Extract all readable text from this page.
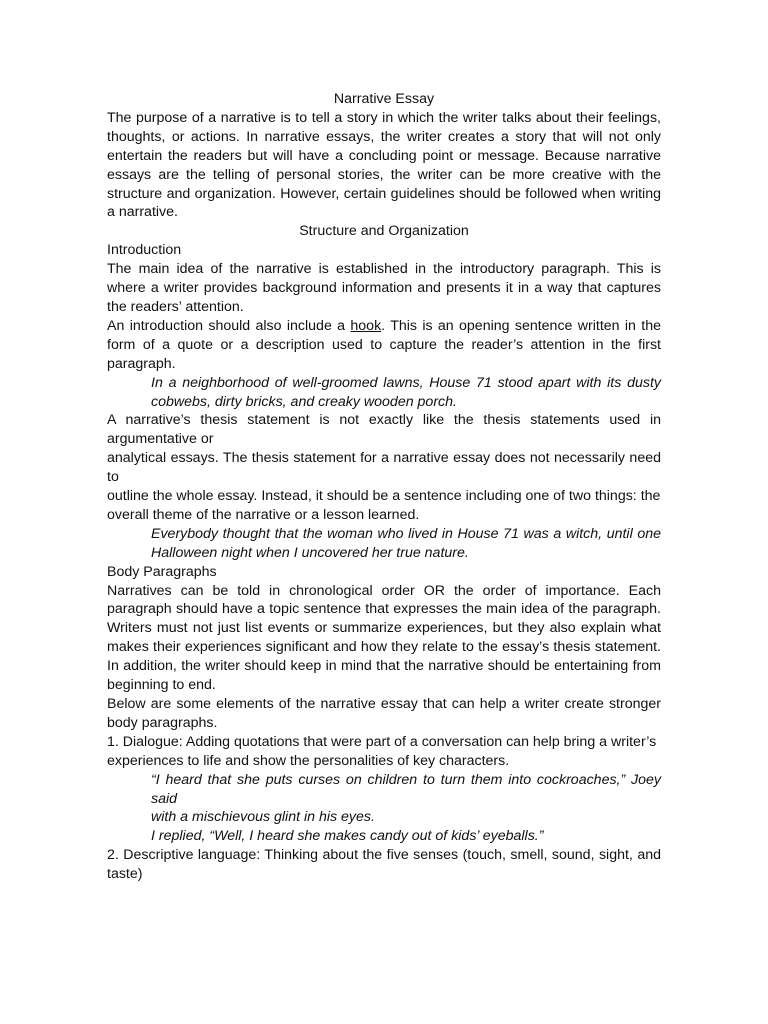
Narrative Essay

The purpose of a narrative is to tell a story in which the writer talks about their feelings, thoughts, or actions. In narrative essays, the writer creates a story that will not only entertain the readers but will have a concluding point or message. Because narrative essays are the telling of personal stories, the writer can be more creative with the structure and organization. However, certain guidelines should be followed when writing a narrative.

Structure and Organization

Introduction

The main idea of the narrative is established in the introductory paragraph. This is where a writer provides background information and presents it in a way that captures the readers’ attention.

An introduction should also include a hook. This is an opening sentence written in the form of a quote or a description used to capture the reader’s attention in the first paragraph.

In a neighborhood of well-groomed lawns, House 71 stood apart with its dusty cobwebs, dirty bricks, and creaky wooden porch.

A narrative’s thesis statement is not exactly like the thesis statements used in argumentative or

analytical essays. The thesis statement for a narrative essay does not necessarily need to

outline the whole essay. Instead, it should be a sentence including one of two things: the

overall theme of the narrative or a lesson learned.

Everybody thought that the woman who lived in House 71 was a witch, until one Halloween night when I uncovered her true nature.

Body Paragraphs

Narratives can be told in chronological order OR the order of importance. Each paragraph should have a topic sentence that expresses the main idea of the paragraph. Writers must not just list events or summarize experiences, but they also explain what makes their experiences significant and how they relate to the essay’s thesis statement. In addition, the writer should keep in mind that the narrative should be entertaining from beginning to end.

Below are some elements of the narrative essay that can help a writer create stronger body paragraphs.

1. Dialogue: Adding quotations that were part of a conversation can help bring a writer’s

experiences to life and show the personalities of key characters.

“I heard that she puts curses on children to turn them into cockroaches,” Joey said

with a mischievous glint in his eyes.

I replied, “Well, I heard she makes candy out of kids’ eyeballs.”

2. Descriptive language: Thinking about the five senses (touch, smell, sound, sight, and taste)
